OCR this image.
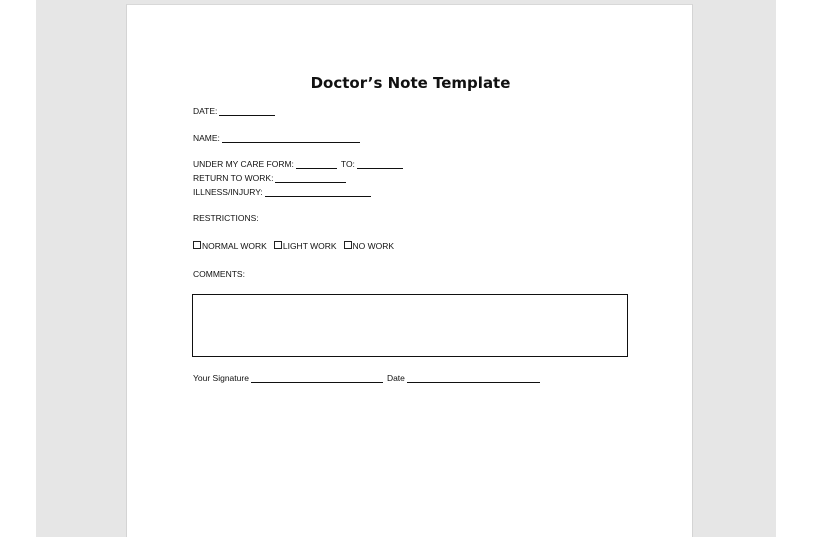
Doctor’s Note Template
DATE:
NAME:
UNDER MY CARE FORM:	TO:
RETURN TO WORK:
ILLNESS/INJURY:
RESTRICTIONS:
NORMAL WORK LIGHT WORK NO WORK
COMMENTS:
Your Signature	Date
